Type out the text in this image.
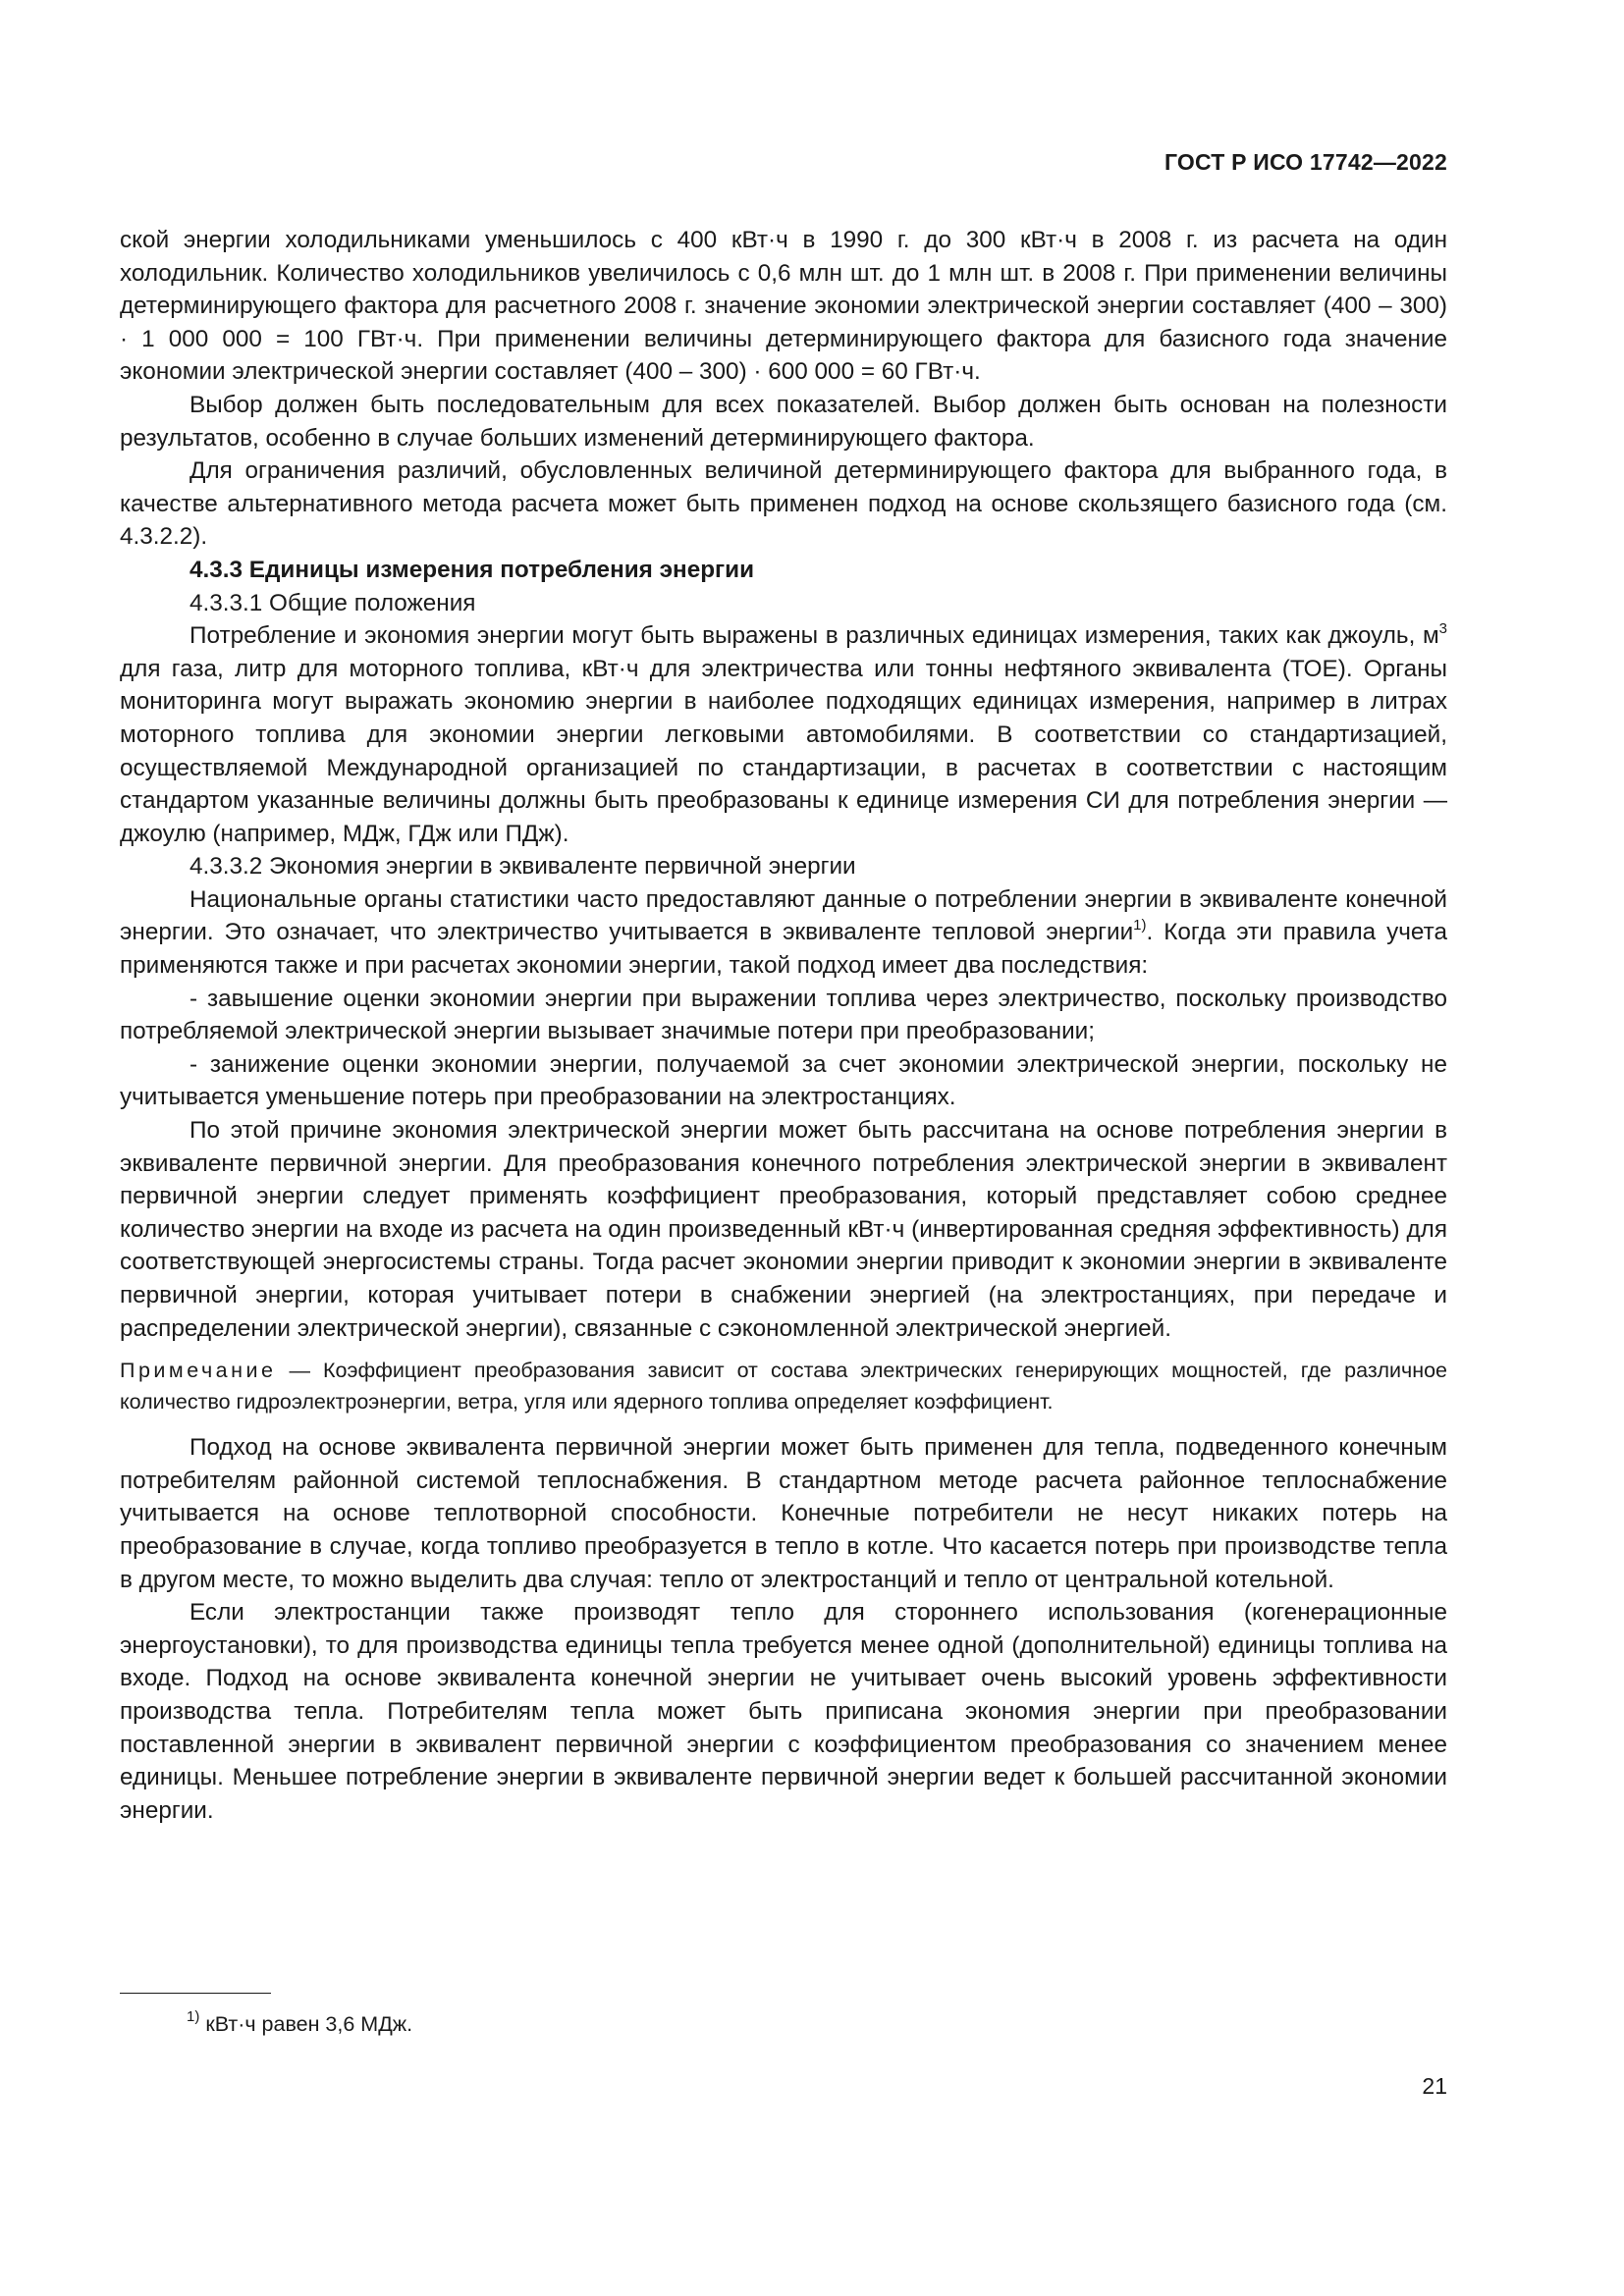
ГОСТ Р ИСО 17742—2022

ской энергии холодильниками уменьшилось с 400 кВт·ч в 1990 г. до 300 кВт·ч в 2008 г. из расчета на один холодильник. Количество холодильников увеличилось с 0,6 млн шт. до 1 млн шт. в 2008 г. При применении величины детерминирующего фактора для расчетного 2008 г. значение экономии электрической энергии составляет (400 – 300) · 1 000 000 = 100 ГВт·ч. При применении величины детерминирующего фактора для базисного года значение экономии электрической энергии составляет (400 – 300) · 600 000 = 60 ГВт·ч.

Выбор должен быть последовательным для всех показателей. Выбор должен быть основан на полезности результатов, особенно в случае больших изменений детерминирующего фактора.

Для ограничения различий, обусловленных величиной детерминирующего фактора для выбранного года, в качестве альтернативного метода расчета может быть применен подход на основе скользящего базисного года (см. 4.3.2.2).

4.3.3 Единицы измерения потребления энергии

4.3.3.1 Общие положения

Потребление и экономия энергии могут быть выражены в различных единицах измерения, таких как джоуль, $м^3$ для газа, литр для моторного топлива, кВт·ч для электричества или тонны нефтяного эквивалента (ТОЕ). Органы мониторинга могут выражать экономию энергии в наиболее подходящих единицах измерения, например в литрах моторного топлива для экономии энергии легковыми автомобилями. В соответствии со стандартизацией, осуществляемой Международной организацией по стандартизации, в расчетах в соответствии с настоящим стандартом указанные величины должны быть преобразованы к единице измерения СИ для потребления энергии — джоулю (например, МДж, ГДж или ПДж).

4.3.3.2 Экономия энергии в эквиваленте первичной энергии

Национальные органы статистики часто предоставляют данные о потреблении энергии в эквиваленте конечной энергии. Это означает, что электричество учитывается в эквиваленте тепловой энергии$^{1)}$. Когда эти правила учета применяются также и при расчетах экономии энергии, такой подход имеет два последствия:

- завышение оценки экономии энергии при выражении топлива через электричество, поскольку производство потребляемой электрической энергии вызывает значимые потери при преобразовании;

- занижение оценки экономии энергии, получаемой за счет экономии электрической энергии, поскольку не учитывается уменьшение потерь при преобразовании на электростанциях.

По этой причине экономия электрической энергии может быть рассчитана на основе потребления энергии в эквиваленте первичной энергии. Для преобразования конечного потребления электрической энергии в эквивалент первичной энергии следует применять коэффициент преобразования, который представляет собою среднее количество энергии на входе из расчета на один произведенный кВт·ч (инвертированная средняя эффективность) для соответствующей энергосистемы страны. Тогда расчет экономии энергии приводит к экономии энергии в эквиваленте первичной энергии, которая учитывает потери в снабжении энергией (на электростанциях, при передаче и распределении электрической энергии), связанные с сэкономленной электрической энергией.

Примечание — Коэффициент преобразования зависит от состава электрических генерирующих мощностей, где различное количество гидроэлектроэнергии, ветра, угля или ядерного топлива определяет коэффициент.

Подход на основе эквивалента первичной энергии может быть применен для тепла, подведенного конечным потребителям районной системой теплоснабжения. В стандартном методе расчета районное теплоснабжение учитывается на основе теплотворной способности. Конечные потребители не несут никаких потерь на преобразование в случае, когда топливо преобразуется в тепло в котле. Что касается потерь при производстве тепла в другом месте, то можно выделить два случая: тепло от электростанций и тепло от центральной котельной.

Если электростанции также производят тепло для стороннего использования (когенерационные энергоустановки), то для производства единицы тепла требуется менее одной (дополнительной) единицы топлива на входе. Подход на основе эквивалента конечной энергии не учитывает очень высокий уровень эффективности производства тепла. Потребителям тепла может быть приписана экономия энергии при преобразовании поставленной энергии в эквивалент первичной энергии с коэффициентом преобразования со значением менее единицы. Меньшее потребление энергии в эквиваленте первичной энергии ведет к большей рассчитанной экономии энергии.

$^{1)}$ кВт·ч равен 3,6 МДж.
21
